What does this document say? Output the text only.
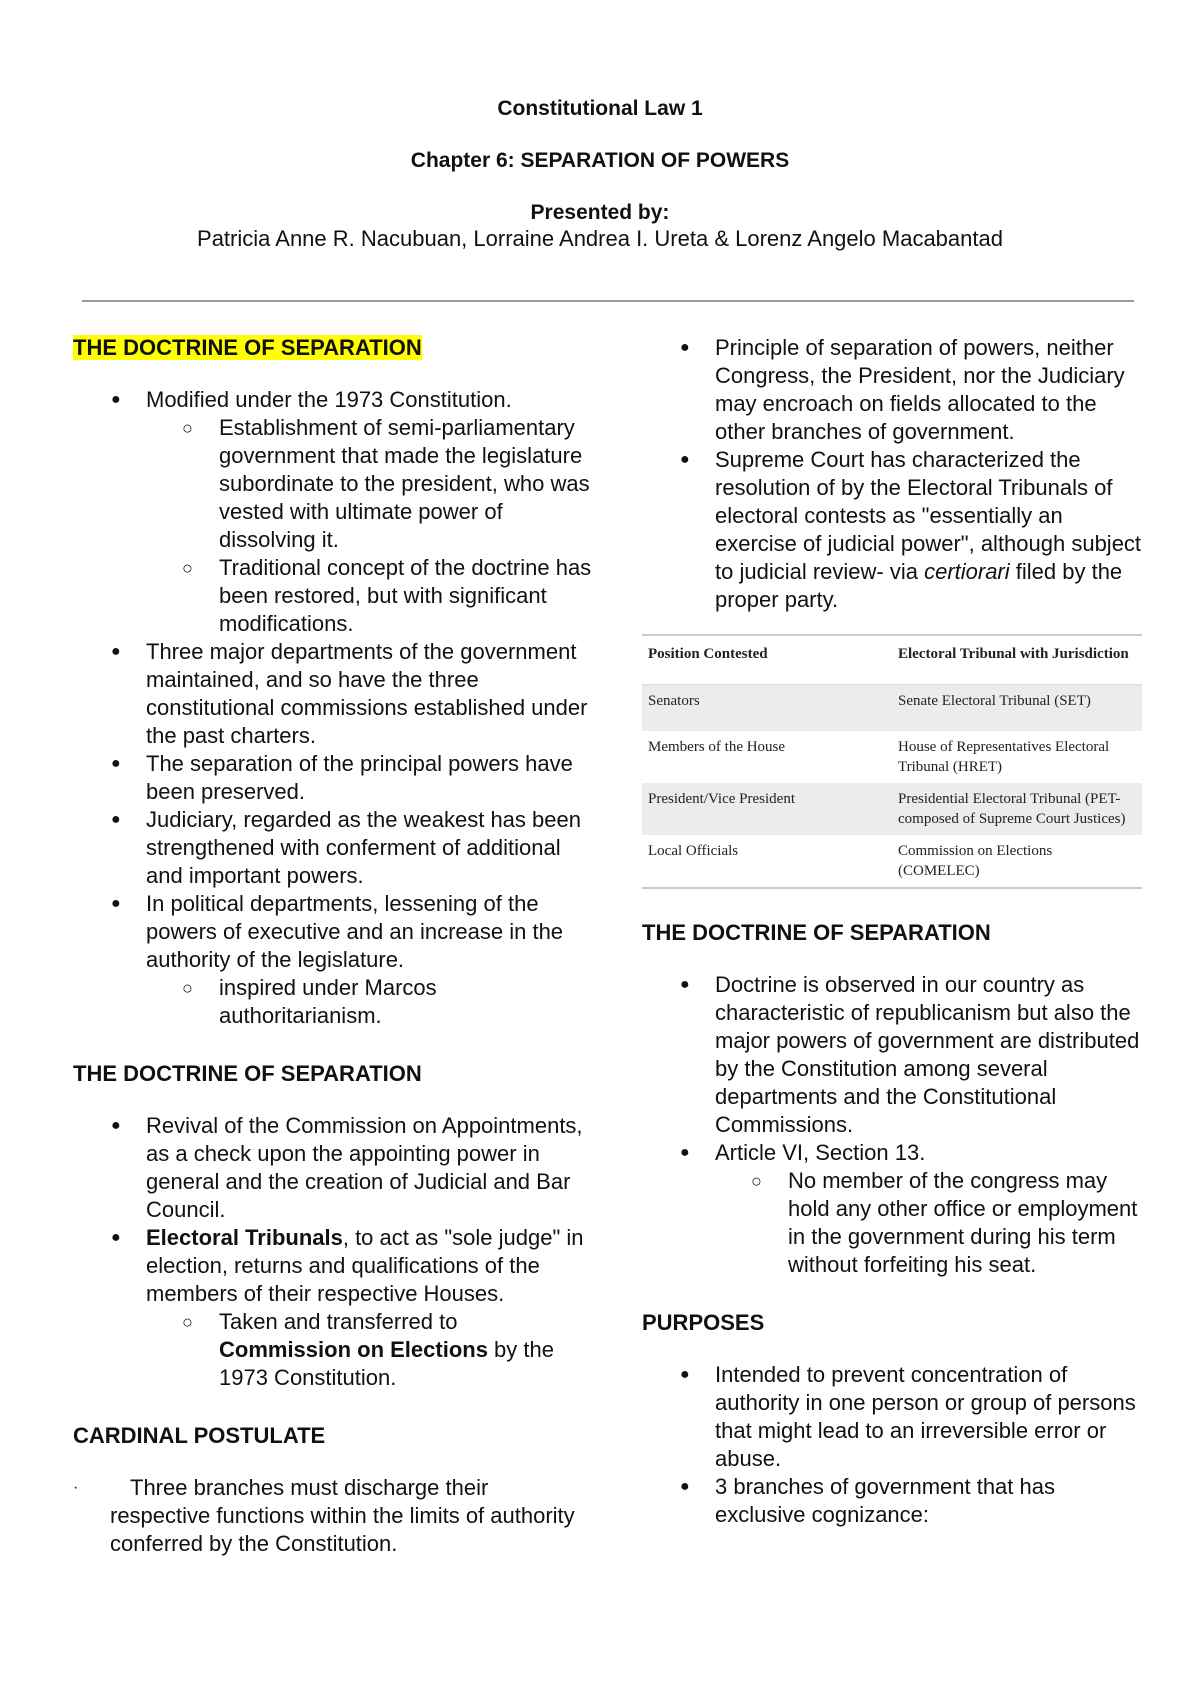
Constitutional Law 1
Chapter 6: SEPARATION OF POWERS
Presented by:
Patricia Anne R. Nacubuan, Lorraine Andrea I. Ureta & Lorenz Angelo Macabantad
THE DOCTRINE OF SEPARATION
● Modified under the 1973 Constitution.
○ Establishment of semi-parliamentary government that made the legislature subordinate to the president, who was vested with ultimate power of dissolving it.
○ Traditional concept of the doctrine has been restored, but with significant modifications.
● Three major departments of the government maintained, and so have the three constitutional commissions established under the past charters.
● The separation of the principal powers have been preserved.
● Judiciary, regarded as the weakest has been strengthened with conferment of additional and important powers.
● In political departments, lessening of the powers of executive and an increase in the authority of the legislature.
○ inspired under Marcos authoritarianism.
THE DOCTRINE OF SEPARATION
● Revival of the Commission on Appointments, as a check upon the appointing power in general and the creation of Judicial and Bar Council.
● Electoral Tribunals, to act as "sole judge" in election, returns and qualifications of the members of their respective Houses.
○ Taken and transferred to Commission on Elections by the 1973 Constitution.
CARDINAL POSTULATE
· Three branches must discharge their respective functions within the limits of authority conferred by the Constitution.
● Principle of separation of powers, neither Congress, the President, nor the Judiciary may encroach on fields allocated to the other branches of government.
● Supreme Court has characterized the resolution of by the Electoral Tribunals of electoral contests as "essentially an exercise of judicial power", although subject to judicial review- via certiorari filed by the proper party.
Position Contested	Electoral Tribunal with Jurisdiction
Senators	Senate Electoral Tribunal (SET)
Members of the House	House of Representatives Electoral Tribunal (HRET)
President/Vice President	Presidential Electoral Tribunal (PET- composed of Supreme Court Justices)
Local Officials	Commission on Elections (COMELEC)
THE DOCTRINE OF SEPARATION
● Doctrine is observed in our country as characteristic of republicanism but also the major powers of government are distributed by the Constitution among several departments and the Constitutional Commissions.
● Article VI, Section 13.
○ No member of the congress may hold any other office or employment in the government during his term without forfeiting his seat.
PURPOSES
● Intended to prevent concentration of authority in one person or group of persons that might lead to an irreversible error or abuse.
● 3 branches of government that has exclusive cognizance:
